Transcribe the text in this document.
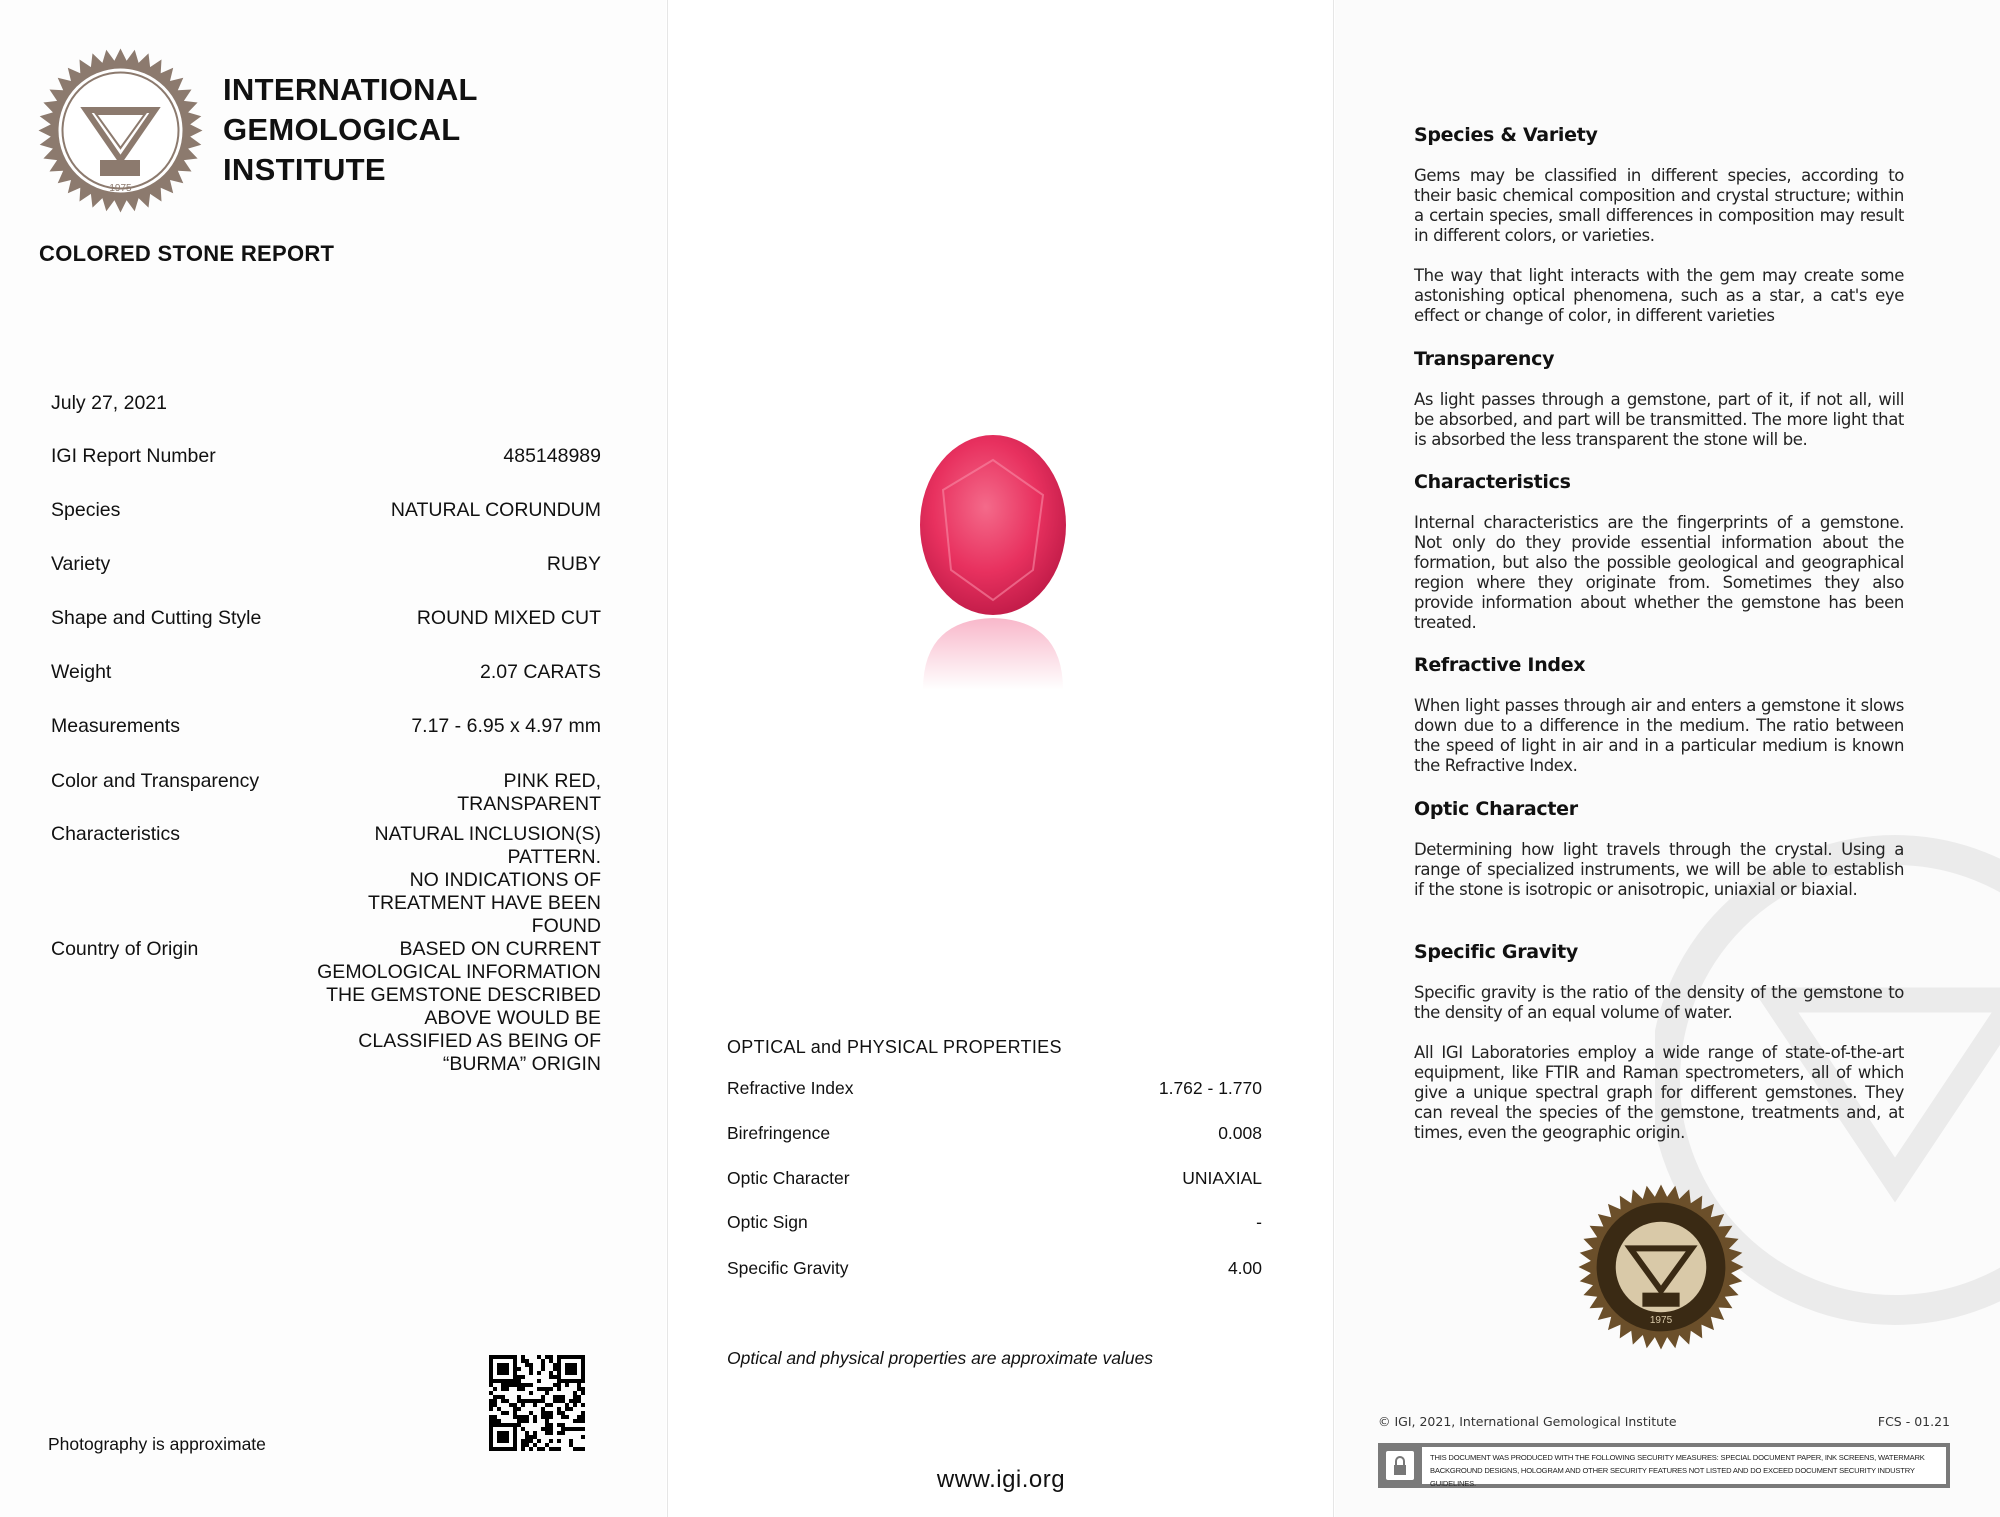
1975
INTERNATIONAL
GEMOLOGICAL
INSTITUTE
COLORED STONE REPORT
July 27, 2021
IGI Report Number	485148989
Species	NATURAL CORUNDUM
Variety	RUBY
Shape and Cutting Style	ROUND MIXED CUT
Weight	2.07 CARATS
Measurements	7.17 - 6.95 x 4.97 mm
Color and Transparency	PINK RED,
TRANSPARENT
Characteristics	NATURAL INCLUSION(S)
PATTERN.
NO INDICATIONS OF
TREATMENT HAVE BEEN
FOUND
Country of Origin	BASED ON CURRENT
GEMOLOGICAL INFORMATION
THE GEMSTONE DESCRIBED
ABOVE WOULD BE
CLASSIFIED AS BEING OF
“BURMA” ORIGIN
Photography is approximate
OPTICAL and PHYSICAL PROPERTIES
Refractive Index	1.762 - 1.770
Birefringence	0.008
Optic Character	UNIAXIAL
Optic Sign	-
Specific Gravity	4.00
Optical and physical properties are approximate values
www.igi.org
Species & Variety

Gems may be classified in different species, according to their basic chemical composition and crystal structure; within a certain species, small differences in composition may result in different colors, or varieties.

The way that light interacts with the gem may create some astonishing optical phenomena, such as a star, a cat's eye effect or change of color, in different varieties

Transparency

As light passes through a gemstone, part of it, if not all, will be absorbed, and part will be transmitted. The more light that is absorbed the less transparent the stone will be.

Characteristics

Internal characteristics are the fingerprints of a gemstone. Not only do they provide essential information about the formation, but also the possible geological and geographical region where they originate from. Sometimes they also provide information about whether the gemstone has been treated.

Refractive Index

When light passes through air and enters a gemstone it slows down due to a difference in the medium. The ratio between the speed of light in air and in a particular medium is known the Refractive Index.

Optic Character

Determining how light travels through the crystal. Using a range of specialized instruments, we will be able to establish if the stone is isotropic or anisotropic, uniaxial or biaxial.

Specific Gravity

Specific gravity is the ratio of the density of the gemstone to the density of an equal volume of water.

All IGI Laboratories employ a wide range of state-of-the-art equipment, like FTIR and Raman spectrometers, all of which give a unique spectral graph for different gemstones. They can reveal the species of the gemstone, treatments and, at times, even the geographic origin.

1975
© IGI, 2021, International Gemological Institute	FCS - 01.21
THIS DOCUMENT WAS PRODUCED WITH THE FOLLOWING SECURITY MEASURES: SPECIAL DOCUMENT PAPER, INK SCREENS, WATERMARK
BACKGROUND DESIGNS, HOLOGRAM AND OTHER SECURITY FEATURES NOT LISTED AND DO EXCEED DOCUMENT SECURITY INDUSTRY GUIDELINES.
